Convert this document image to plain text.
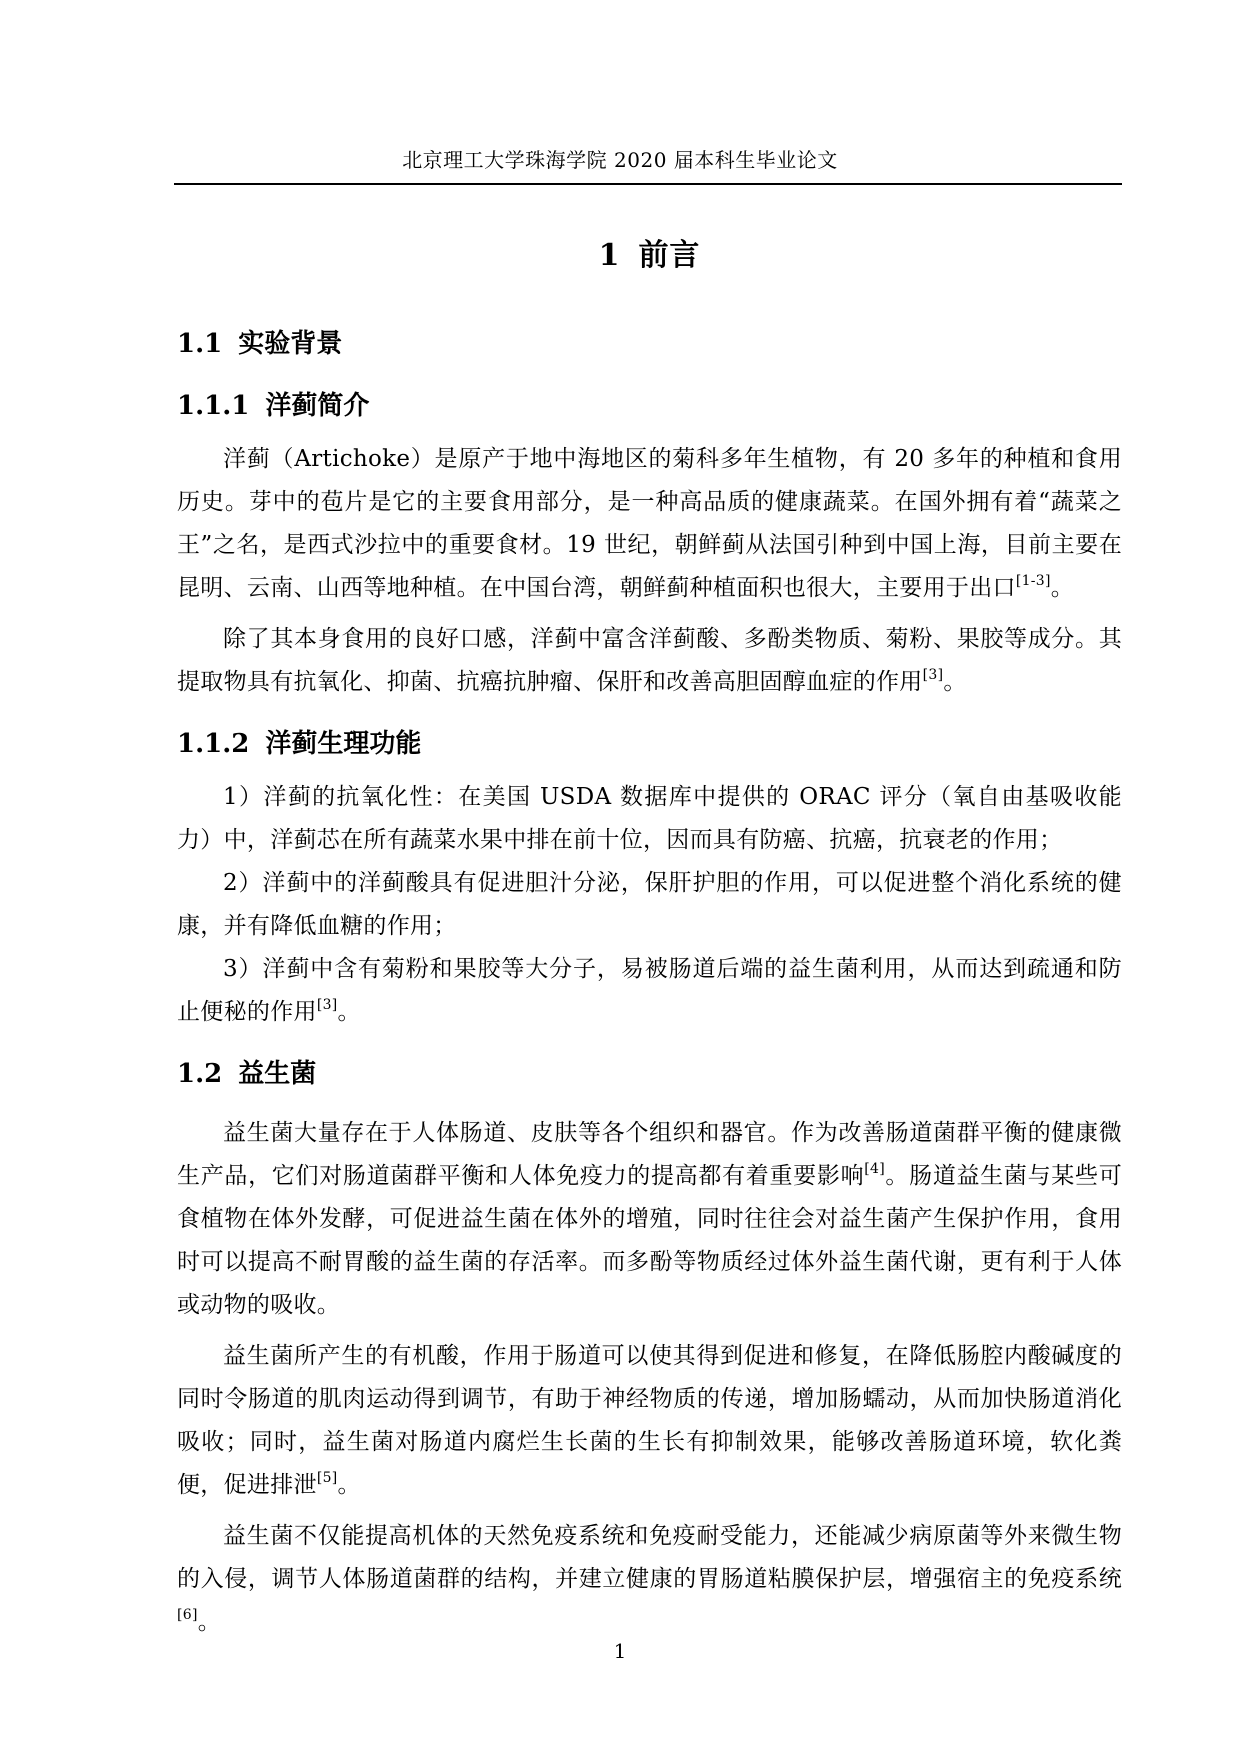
北京理工大学珠海学院 2020 届本科生毕业论文
1 前言
1.1 实验背景
1.1.1 洋蓟简介

洋蓟（Artichoke）是原产于地中海地区的菊科多年生植物，有 20 多年的种植和食用历史。芽中的苞片是它的主要食用部分，是一种高品质的健康蔬菜。在国外拥有着“蔬菜之王”之名，是西式沙拉中的重要食材。19 世纪，朝鲜蓟从法国引种到中国上海，目前主要在昆明、云南、山西等地种植。在中国台湾，朝鲜蓟种植面积也很大，主要用于出口[1-3]。

除了其本身食用的良好口感，洋蓟中富含洋蓟酸、多酚类物质、菊粉、果胶等成分。其提取物具有抗氧化、抑菌、抗癌抗肿瘤、保肝和改善高胆固醇血症的作用[3]。

1.1.2 洋蓟生理功能

1）洋蓟的抗氧化性：在美国 USDA 数据库中提供的 ORAC 评分（氧自由基吸收能力）中，洋蓟芯在所有蔬菜水果中排在前十位，因而具有防癌、抗癌，抗衰老的作用；

2）洋蓟中的洋蓟酸具有促进胆汁分泌，保肝护胆的作用，可以促进整个消化系统的健康，并有降低血糖的作用；

3）洋蓟中含有菊粉和果胶等大分子，易被肠道后端的益生菌利用，从而达到疏通和防止便秘的作用[3]。

1.2 益生菌

益生菌大量存在于人体肠道、皮肤等各个组织和器官。作为改善肠道菌群平衡的健康微生产品，它们对肠道菌群平衡和人体免疫力的提高都有着重要影响[4]。肠道益生菌与某些可食植物在体外发酵，可促进益生菌在体外的增殖，同时往往会对益生菌产生保护作用，食用时可以提高不耐胃酸的益生菌的存活率。而多酚等物质经过体外益生菌代谢，更有利于人体或动物的吸收。

益生菌所产生的有机酸，作用于肠道可以使其得到促进和修复，在降低肠腔内酸碱度的同时令肠道的肌肉运动得到调节，有助于神经物质的传递，增加肠蠕动，从而加快肠道消化吸收；同时，益生菌对肠道内腐烂生长菌的生长有抑制效果，能够改善肠道环境，软化粪便，促进排泄[5]。

益生菌不仅能提高机体的天然免疫系统和免疫耐受能力，还能减少病原菌等外来微生物的入侵，调节人体肠道菌群的结构，并建立健康的胃肠道粘膜保护层，增强宿主的免疫系统[6]。

1
